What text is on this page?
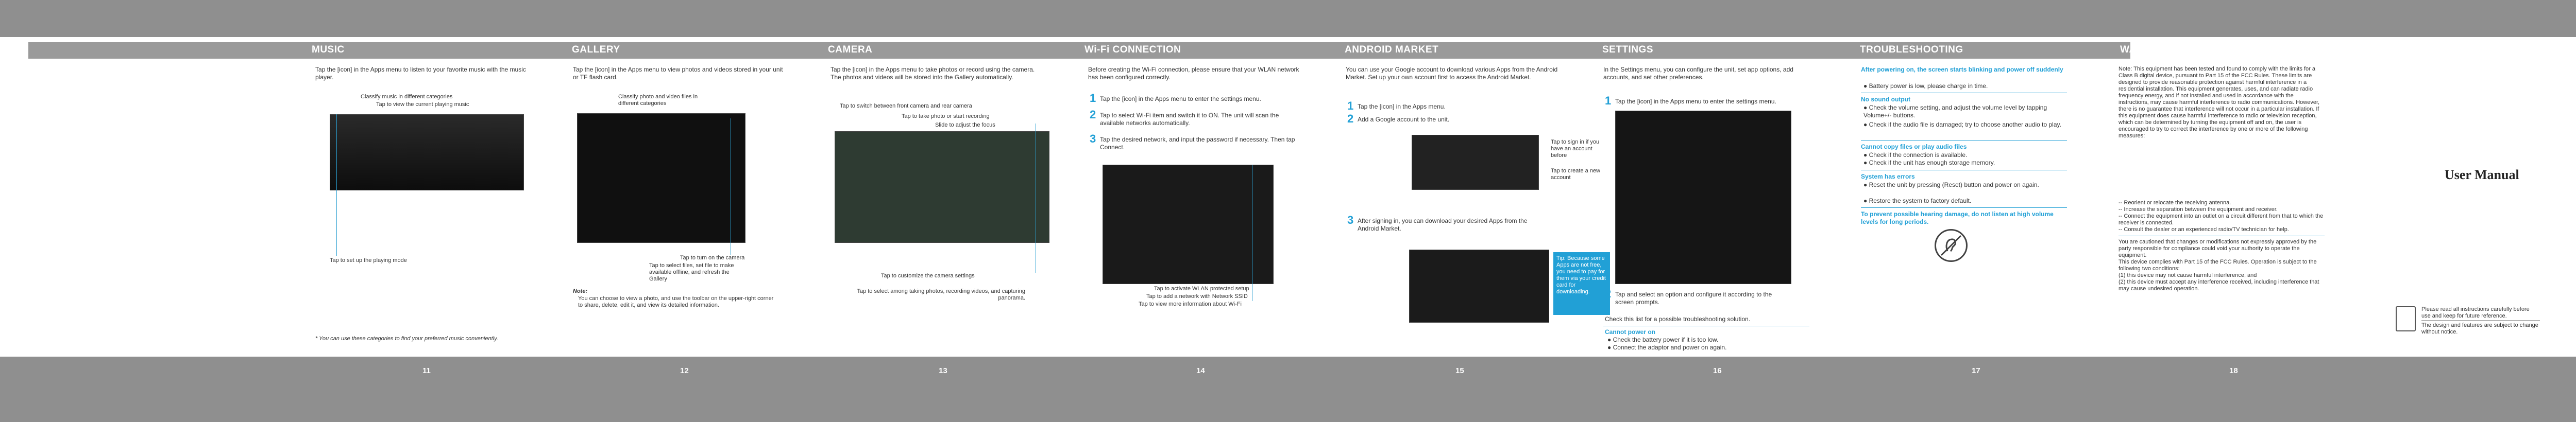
MUSIC	GALLERY	CAMERA	Wi-Fi CONNECTION	ANDROID MARKET	SETTINGS	TROUBLESHOOTING	WARNING
11	12	13	14	15	16	17	18
Tap the [icon] in the Apps menu to listen to your favorite music with the music player.
Classify music in different categories
Tap to view the current playing music
Tap to set up the playing mode
* You can use these categories to find your preferred music conveniently.
Tap the [icon] in the Apps menu to view photos and videos stored in your unit or TF flash card.
Classify photo and video files in different categories
Tap to turn on the camera
Tap to select files, set file to make available offline, and refresh the Gallery
Note:
You can choose to view a photo, and use the toolbar on the upper-right corner to share, delete, edit it, and view its detailed information.
Tap the [icon] in the Apps menu to take photos or record using the camera. The photos and videos will be stored into the Gallery automatically.
Tap to switch between front camera and rear camera
Tap to take photo or start recording
Slide to adjust the focus
Tap to customize the camera settings
Tap to select among taking photos, recording videos, and capturing panorama.
Before creating the Wi-Fi connection, please ensure that your WLAN network has been configured correctly.
1 Tap the [icon] in the Apps menu to enter the settings menu.
2 Tap to select Wi-Fi item and switch it to ON. The unit will scan the available networks automatically.
3 Tap the desired network, and input the password if necessary. Then tap Connect.
Tap to activate WLAN protected setup
Tap to add a network with Network SSID
Tap to view more information about Wi-Fi
You can use your Google account to download various Apps from the Android Market. Set up your own account first to access the Android Market.
1 Tap the [icon] in the Apps menu.
2 Add a Google account to the unit.
Tap to sign in if you have an account before
Tap to create a new account
3 After signing in, you can download your desired Apps from the Android Market.
Tip: Because some Apps are not free, you need to pay for them via your credit card for downloading.
In the Settings menu, you can configure the unit, set app options, add accounts, and set other preferences.
1 Tap the [icon] in the Apps menu to enter the settings menu.
2 Tap and select an option and configure it according to the screen prompts.
Check this list for a possible troubleshooting solution.
Cannot power on
● Check the battery power if it is too low.
● Connect the adaptor and power on again.
After powering on, the screen starts blinking and power off suddenly
● Battery power is low, please charge in time.
No sound output
● Check the volume setting, and adjust the volume level by tapping Volume+/- buttons.
● Check if the audio file is damaged; try to choose another audio to play.
Cannot copy files or play audio files
● Check if the connection is available.
● Check if the unit has enough storage memory.
System has errors
● Reset the unit by pressing (Reset) button and power on again.
● Restore the system to factory default.
To prevent possible hearing damage, do not listen at high volume levels for long periods.
Note: This equipment has been tested and found to comply with the limits for a Class B digital device, pursuant to Part 15 of the FCC Rules. These limits are designed to provide reasonable protection against harmful interference in a residential installation. This equipment generates, uses, and can radiate radio frequency energy, and if not installed and used in accordance with the instructions, may cause harmful interference to radio communications. However, there is no guarantee that interference will not occur in a particular installation. If this equipment does cause harmful interference to radio or television reception, which can be determined by turning the equipment off and on, the user is encouraged to try to correct the interference by one or more of the following measures:
-- Reorient or relocate the receiving antenna.
-- Increase the separation between the equipment and receiver.
-- Connect the equipment into an outlet on a circuit different from that to which the receiver is connected.
-- Consult the dealer or an experienced radio/TV technician for help.
You are cautioned that changes or modifications not expressly approved by the party responsible for compliance could void your authority to operate the equipment.
This device complies with Part 15 of the FCC Rules. Operation is subject to the following two conditions:
(1) this device may not cause harmful interference, and
(2) this device must accept any interference received, including interference that may cause undesired operation.
User Manual
Please read all instructions carefully before use and keep for future reference.
The design and features are subject to change without notice.
